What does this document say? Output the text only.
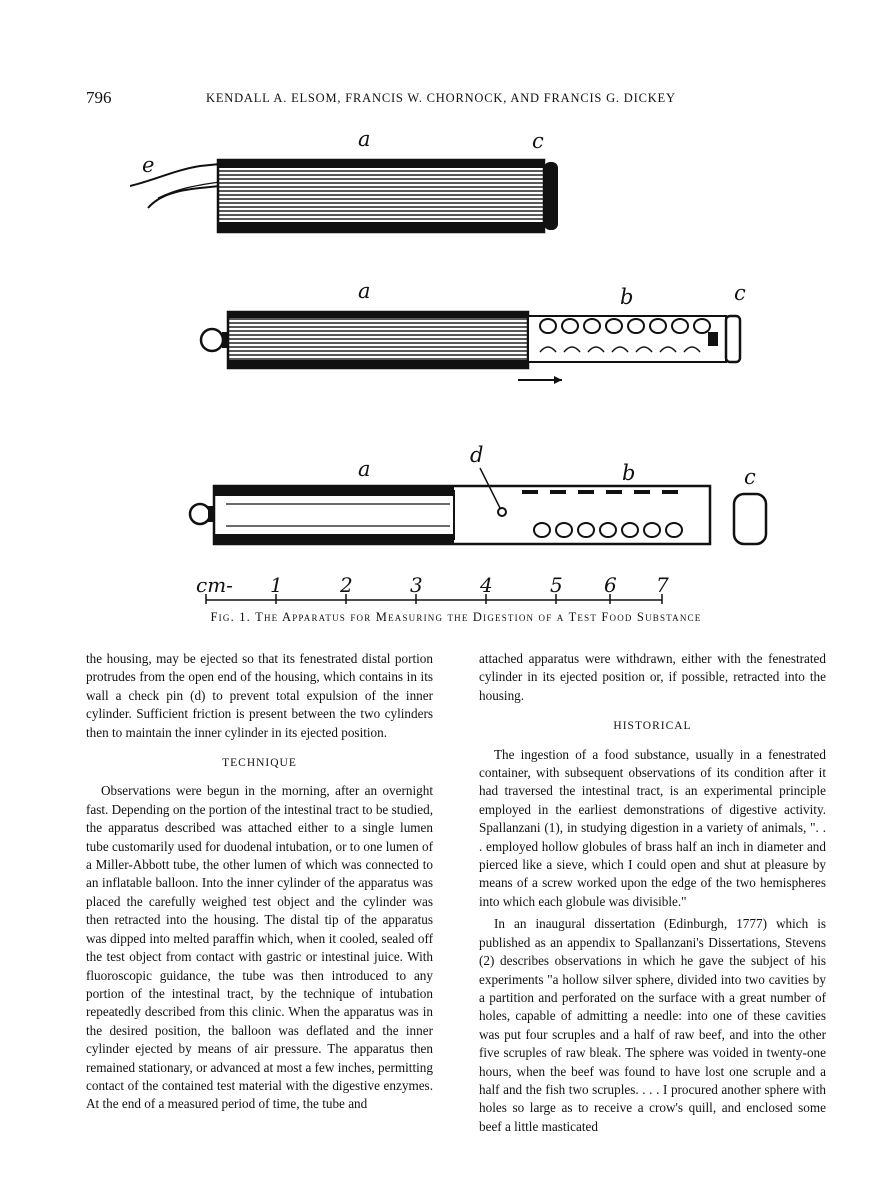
796	KENDALL A. ELSOM, FRANCIS W. CHORNOCK, AND FRANCIS G. DICKEY
a	c
e
a	b	c
a
d
b	c
cm- 1	2	3	4	5 6 7
Fig. 1. The Apparatus for Measuring the Digestion of a Test Food Substance

the housing, may be ejected so that its fenestrated distal portion protrudes from the open end of the housing, which contains in its wall a check pin (d) to prevent total expulsion of the inner cylinder. Sufficient friction is present between the two cylinders then to maintain the inner cylinder in its ejected position.

TECHNIQUE

Observations were begun in the morning, after an overnight fast. Depending on the portion of the intestinal tract to be studied, the apparatus described was attached either to a single lumen tube customarily used for duodenal intubation, or to one lumen of a Miller-Abbott tube, the other lumen of which was connected to an inflatable balloon. Into the inner cylinder of the apparatus was placed the carefully weighed test object and the cylinder was then retracted into the housing. The distal tip of the apparatus was dipped into melted paraffin which, when it cooled, sealed off the test object from contact with gastric or intestinal juice. With fluoroscopic guidance, the tube was then introduced to any portion of the intestinal tract, by the technique of intubation repeatedly described from this clinic. When the apparatus was in the desired position, the balloon was deflated and the inner cylinder ejected by means of air pressure. The apparatus then remained stationary, or advanced at most a few inches, permitting contact of the contained test material with the digestive enzymes. At the end of a measured period of time, the tube and

attached apparatus were withdrawn, either with the fenestrated cylinder in its ejected position or, if possible, retracted into the housing.

HISTORICAL

The ingestion of a food substance, usually in a fenestrated container, with subsequent observations of its condition after it had traversed the intestinal tract, is an experimental principle employed in the earliest demonstrations of digestive activity. Spallanzani (1), in studying digestion in a variety of animals, ". . . employed hollow globules of brass half an inch in diameter and pierced like a sieve, which I could open and shut at pleasure by means of a screw worked upon the edge of the two hemispheres into which each globule was divisible."

In an inaugural dissertation (Edinburgh, 1777) which is published as an appendix to Spallanzani's Dissertations, Stevens (2) describes observations in which he gave the subject of his experiments "a hollow silver sphere, divided into two cavities by a partition and perforated on the surface with a great number of holes, capable of admitting a needle: into one of these cavities was put four scruples and a half of raw beef, and into the other five scruples of raw bleak. The sphere was voided in twenty-one hours, when the beef was found to have lost one scruple and a half and the fish two scruples. . . . I procured another sphere with holes so large as to receive a crow's quill, and enclosed some beef a little masticated
